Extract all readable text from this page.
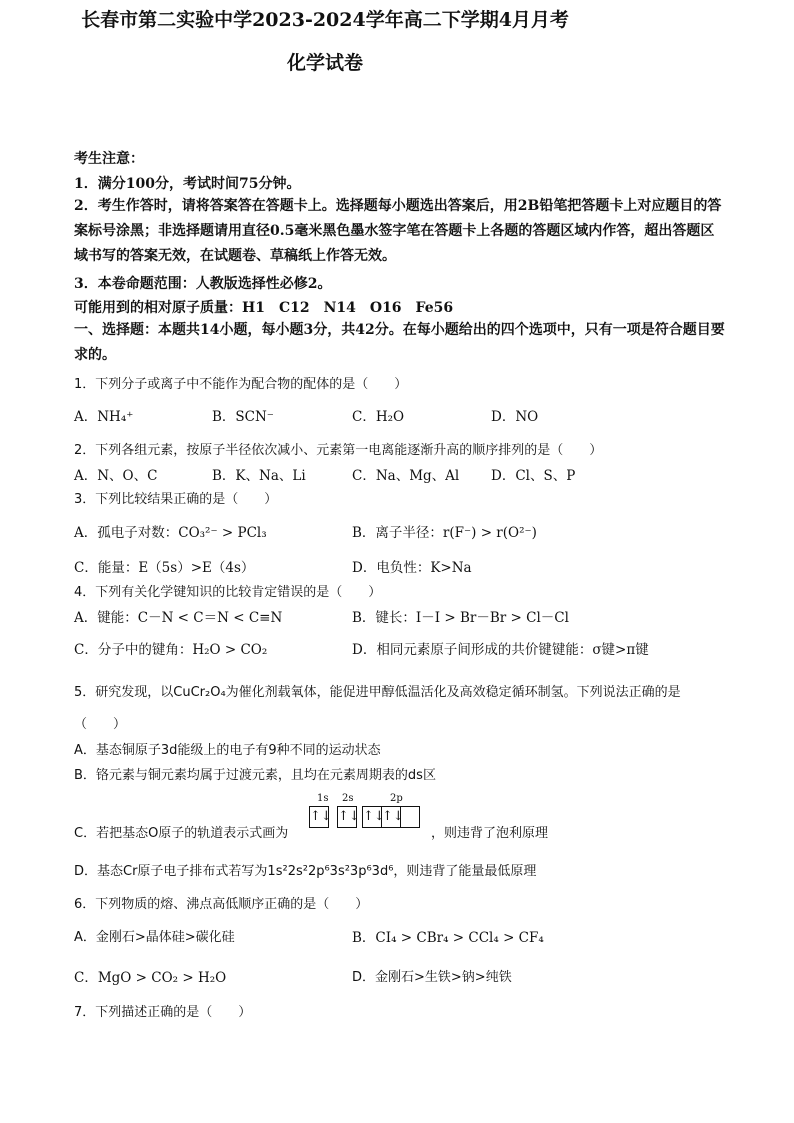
长春市第二实验中学2023-2024学年高二下学期4月月考
化学试卷
考生注意：
1．满分100分，考试时间75分钟。
2．考生作答时，请将答案答在答题卡上。选择题每小题选出答案后，用2B铅笔把答题卡上对应题目的答案标号涂黑；非选择题请用直径0.5毫米黑色墨水签字笔在答题卡上各题的答题区域内作答，超出答题区域书写的答案无效，在试题卷、草稿纸上作答无效。
3．本卷命题范围：人教版选择性必修2。
可能用到的相对原子质量：H1　C12　N14　O16　Fe56
一、选择题：本题共14小题，每小题3分，共42分。在每小题给出的四个选项中，只有一项是符合题目要求的。
1．下列分子或离子中不能作为配合物的配体的是（　　）
A．NH₄⁺	B．SCN⁻	C．H₂O	D．NO
2．下列各组元素，按原子半径依次减小、元素第一电离能逐渐升高的顺序排列的是（　　）
A．N、O、C	B．K、Na、Li	C．Na、Mg、Al D．Cl、S、P
3．下列比较结果正确的是（　　）
A．孤电子对数：CO₃²⁻ > PCl₃	B．离子半径：r(F⁻) > r(O²⁻)
C．能量：E（5s）>E（4s）	D．电负性：K>Na
4．下列有关化学键知识的比较肯定错误的是（　　）
A．键能：C－N < C＝N < C≡N	B．键长：I－I > Br－Br > Cl－Cl
C．分子中的键角：H₂O > CO₂	D．相同元素原子间形成的共价键键能：σ键>π键
5．研究发现，以CuCr₂O₄为催化剂载氧体，能促进甲醇低温活化及高效稳定循环制氢。下列说法正确的是
（　　）
A．基态铜原子3d能级上的电子有9种不同的运动状态
B．铬元素与铜元素均属于过渡元素，且均在元素周期表的ds区
C．若把基态O原子的轨道表示式画为
1s 2s	2p
↑↓ ↑↓ ↑↓
↑↓
，则违背了泡利原理
D．基态Cr原子电子排布式若写为1s²2s²2p⁶3s²3p⁶3d⁶，则违背了能量最低原理
6．下列物质的熔、沸点高低顺序正确的是（　　）
A．金刚石>晶体硅>碳化硅	B．CI₄ > CBr₄ > CCl₄ > CF₄
C．MgO > CO₂ > H₂O	D．金刚石>生铁>钠>纯铁
7．下列描述正确的是（　　）
